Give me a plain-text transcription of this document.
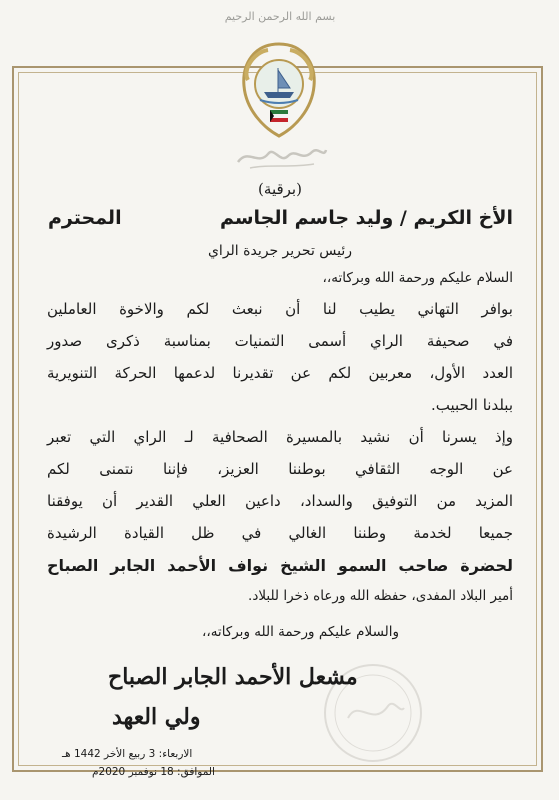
بسم الله الرحمن الرحيم

(برقية)

الأخ الكريم / وليد جاسم الجاسم

المحترم

رئيس تحرير جريدة الراي

السلام عليكم ورحمة الله وبركاته،،

بوافر التهاني يطيب لنا أن نبعث لكم والاخوة العاملين

في صحيفة الراي أسمى التمنيات بمناسبة ذكرى صدور

العدد الأول، معربين لكم عن تقديرنا لدعمها الحركة التنويرية

ببلدنا الحبيب.

وإذ يسرنا أن نشيد بالمسيرة الصحافية لـ الراي التي تعبر

عن الوجه الثقافي بوطننا العزيز، فإننا نتمنى لكم

المزيد من التوفيق والسداد، داعين العلي القدير أن يوفقنا

جميعا لخدمة وطننا الغالي في ظل القيادة الرشيدة

لحضرة صاحب السمو الشيخ نواف الأحمد الجابر الصباح

أمير البلاد المفدى، حفظه الله ورعاه ذخرا للبلاد.

والسلام عليكم ورحمة الله وبركاته،،

مشعل الأحمد الجابر الصباح

ولي العهد

الاربعاء: 3 ربيع الأخر 1442 هـ

الموافق: 18 نوفمبر 2020م
